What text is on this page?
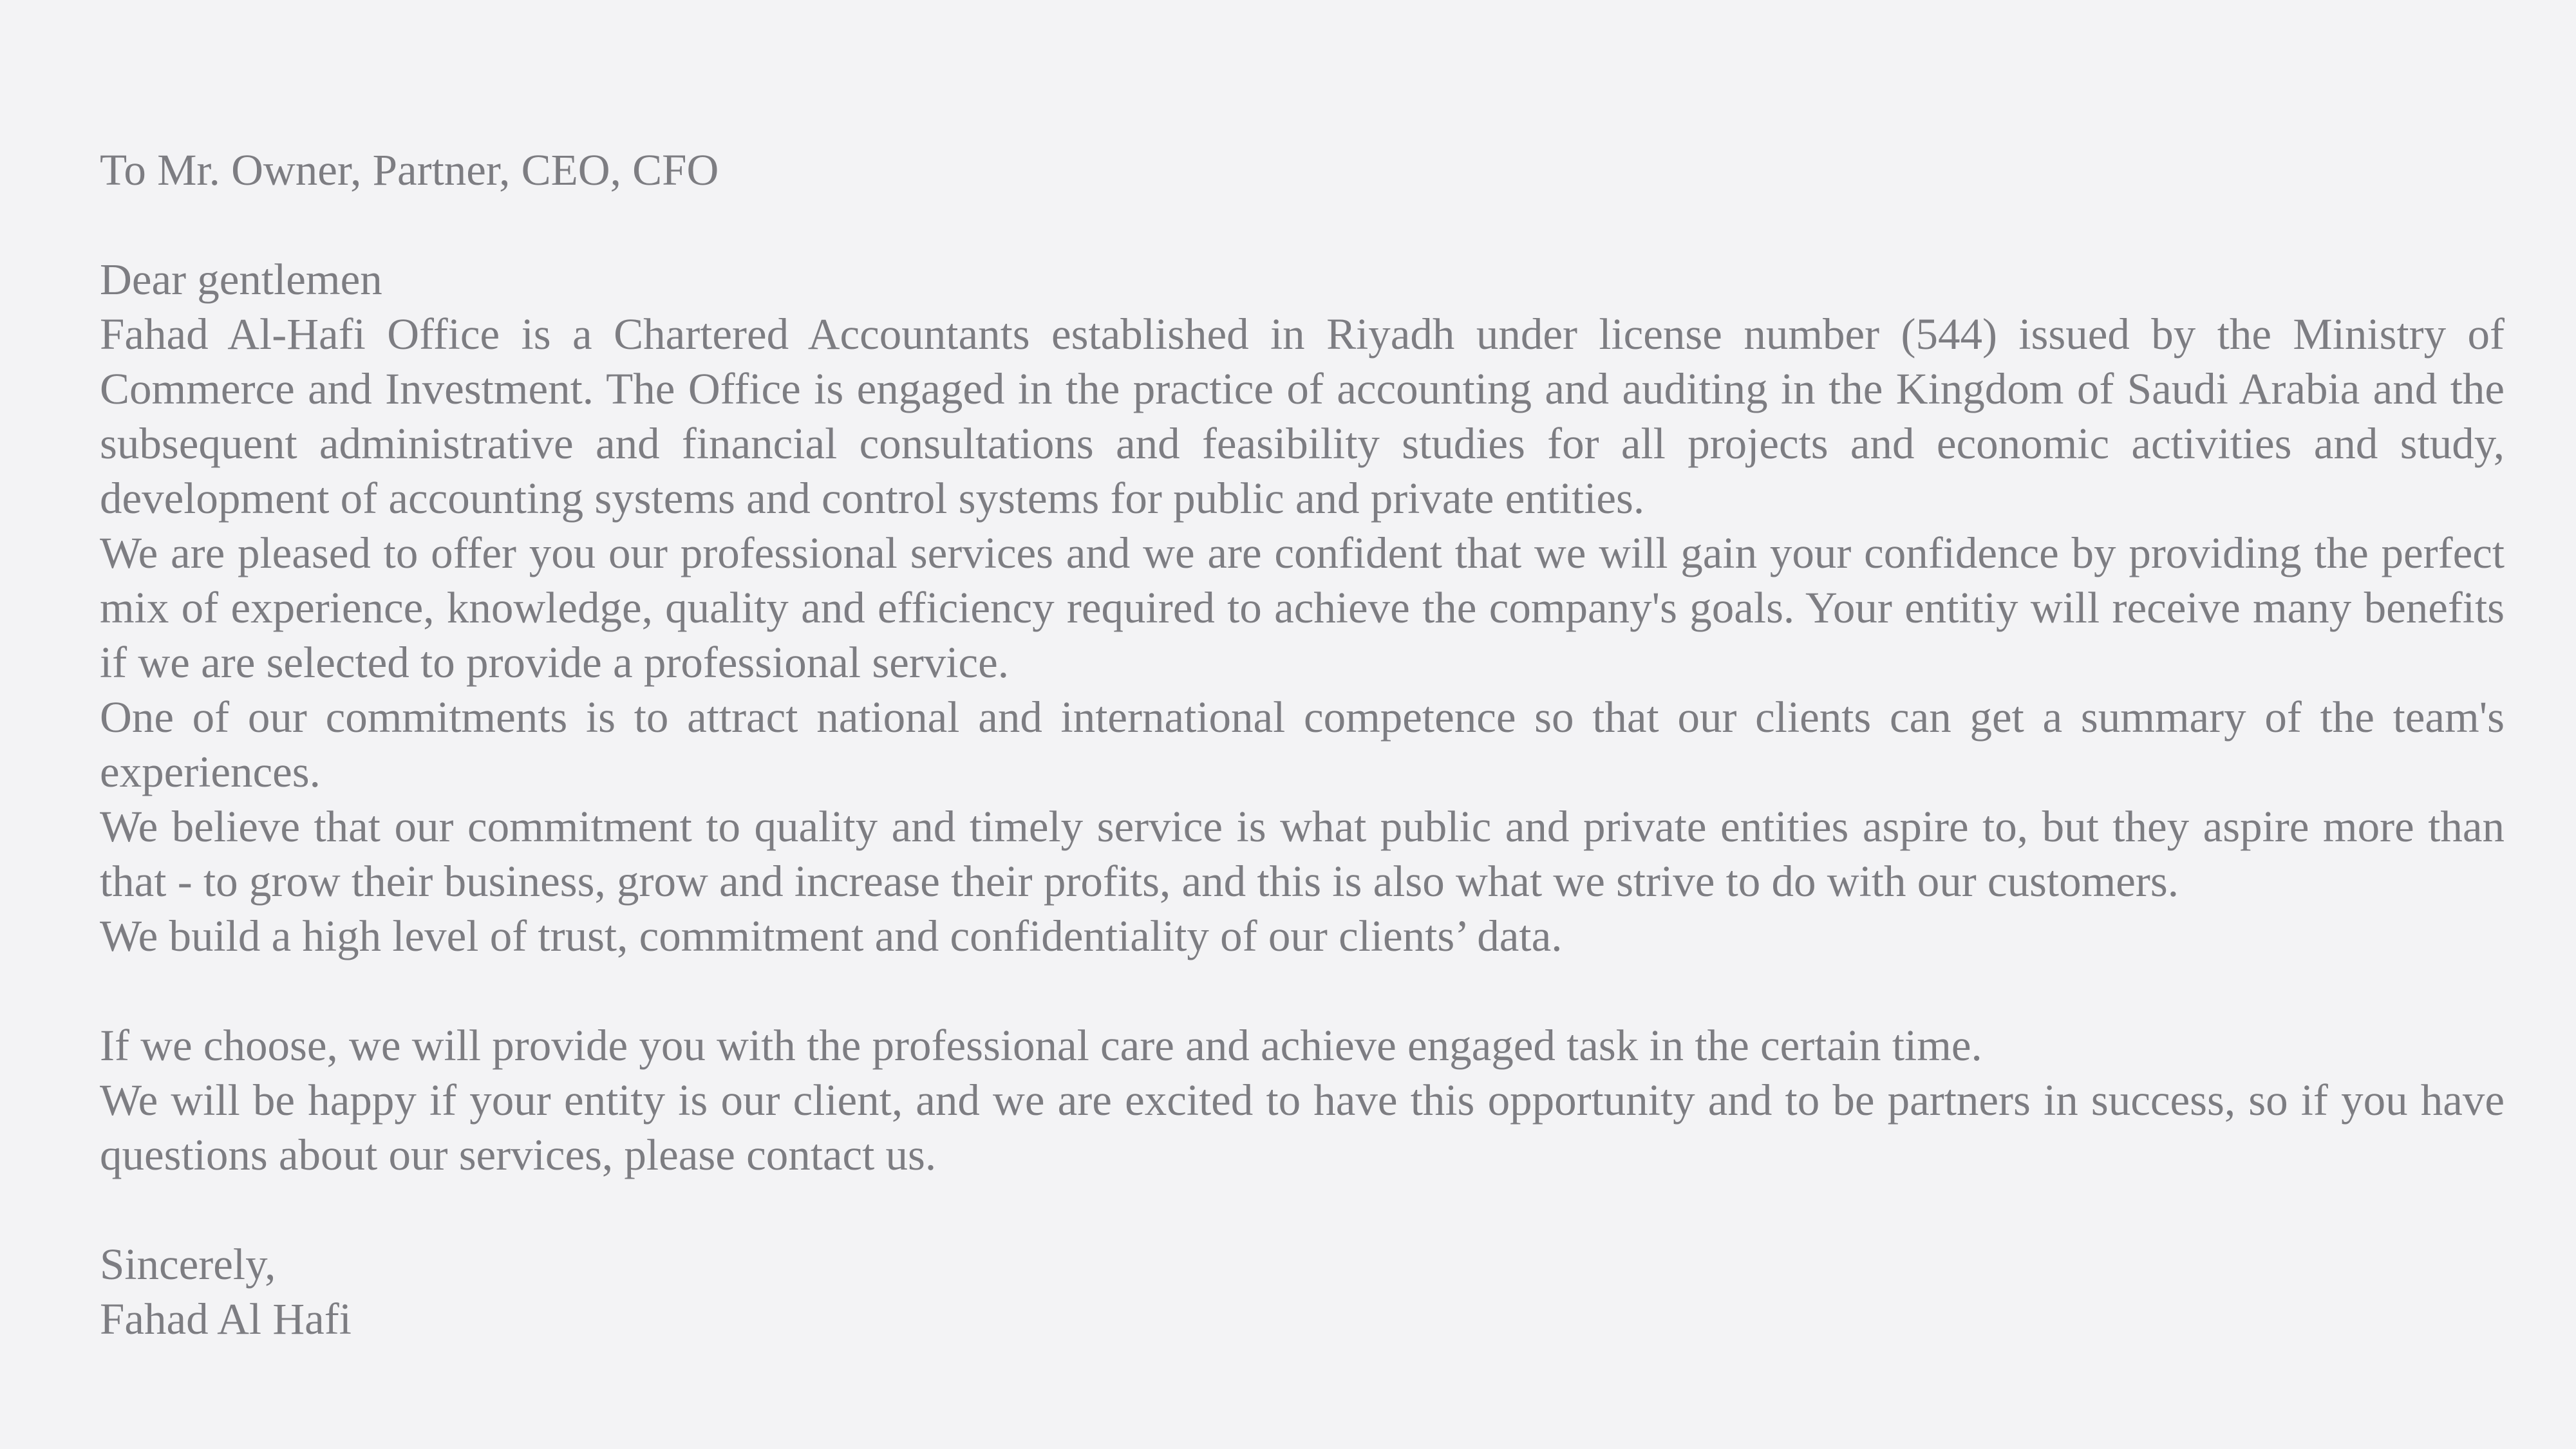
To Mr. Owner, Partner, CEO, CFO

Dear gentlemen

Fahad Al-Hafi Office is a Chartered Accountants established in Riyadh under license number (544) issued by the Ministry of Commerce and Investment. The Office is engaged in the practice of accounting and auditing in the Kingdom of Saudi Arabia and the subsequent administrative and financial consultations and feasibility studies for all projects and economic activities and study, development of accounting systems and control systems for public and private entities.

We are pleased to offer you our professional services and we are confident that we will gain your confidence by providing the perfect mix of experience, knowledge, quality and efficiency required to achieve the company's goals. Your entitiy will receive many benefits if we are selected to provide a professional service.

One of our commitments is to attract national and international competence so that our clients can get a summary of the team's experiences.

We believe that our commitment to quality and timely service is what public and private entities aspire to, but they aspire more than that - to grow their business, grow and increase their profits, and this is also what we strive to do with our customers.

We build a high level of trust, commitment and confidentiality of our clients’ data.

If we choose, we will provide you with the professional care and achieve engaged task in the certain time.

We will be happy if your entity is our client, and we are excited to have this opportunity and to be partners in success, so if you have questions about our services, please contact us.

Sincerely,

Fahad Al Hafi
